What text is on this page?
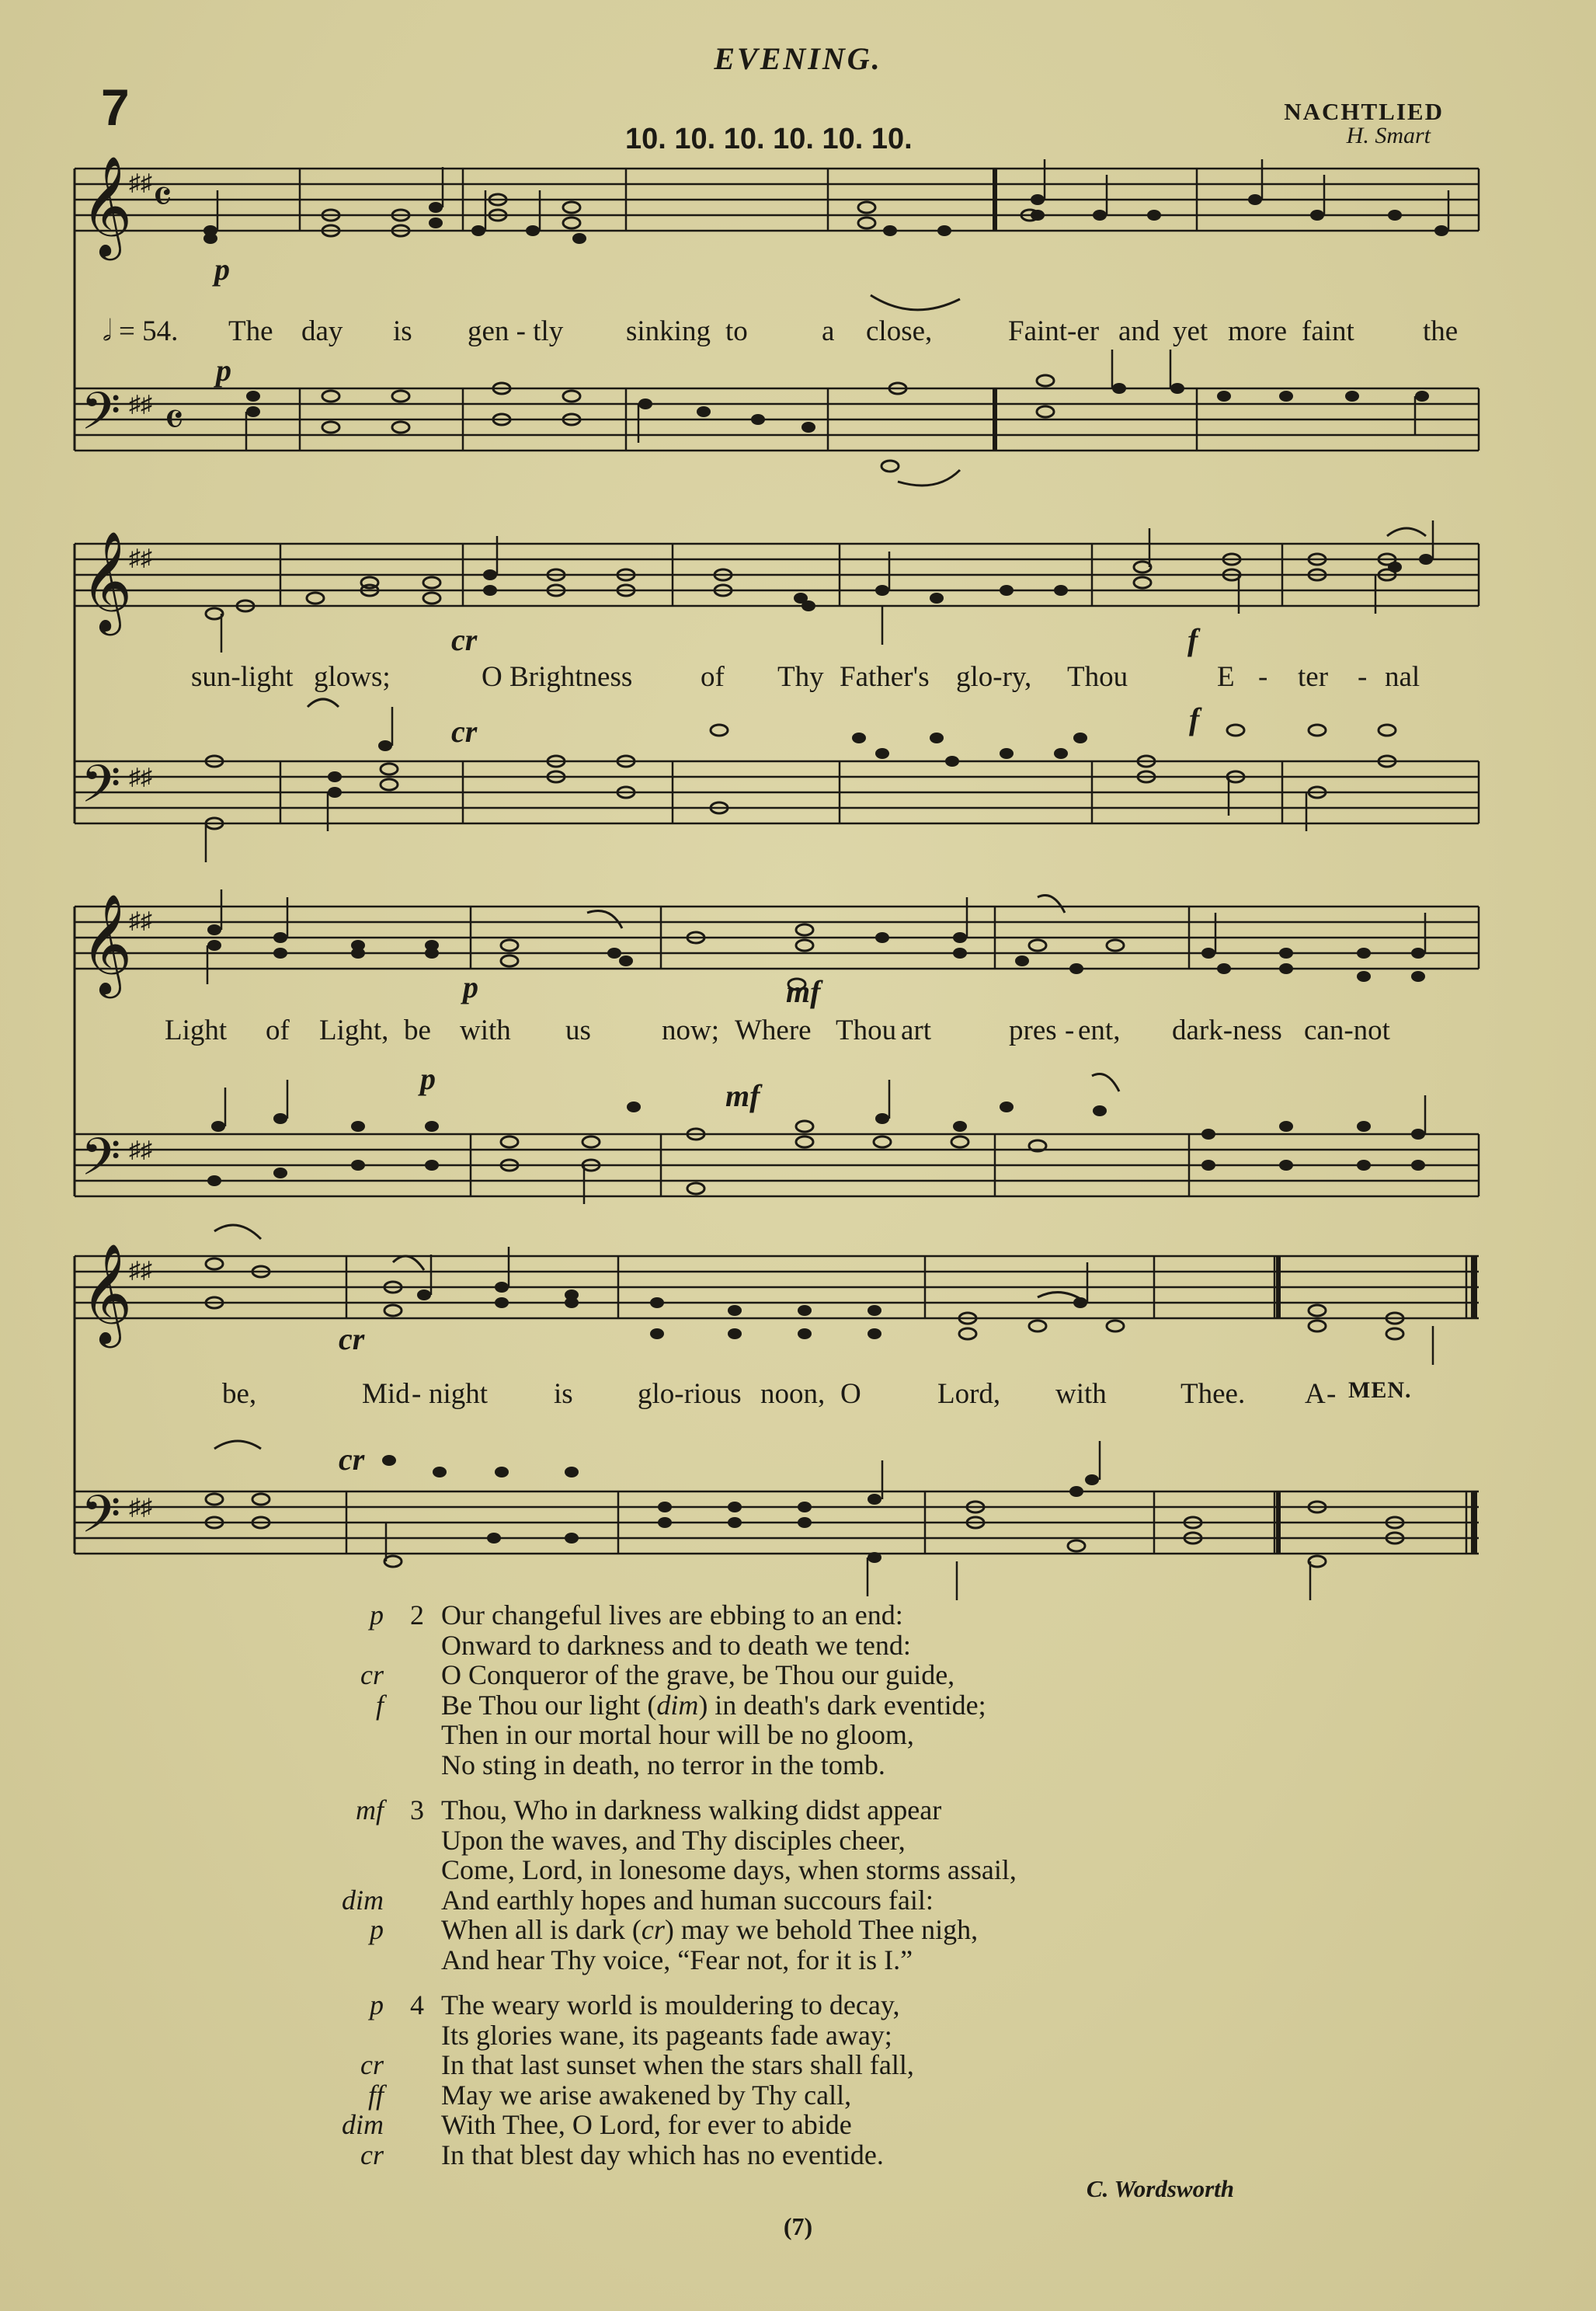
EVENING.
7
10. 10. 10. 10. 10. 10.
NACHTLIED
H. Smart
𝄞 𝄴
𝄢 𝄴
♯♯
♯♯
p
p
𝅗𝅥 = 54. The day is gen - tly sinking to	a close,	Faint-er and yet more faint the
𝄞
𝄢
♯♯
♯♯
cr
cr
f
f
sun-light glows;	O Brightness of Thy Father's glo-ry, Thou	E - ter - nal
𝄞
𝄢
♯♯
♯♯
p
p
mf
mf
Light of Light, be with us now; Where Thou art	pres - ent, dark-ness can-not
𝄞
𝄢
♯♯
♯♯
cr
cr
be,	Mid - night is glo-rious noon, O	Lord, with	Thee. A - MEN.
p 2 Our changeful lives are ebbing to an end:
Onward to darkness and to death we tend:
cr O Conqueror of the grave, be Thou our guide,
f Be Thou our light (dim) in death's dark eventide;
Then in our mortal hour will be no gloom,
No sting in death, no terror in the tomb.
mf 3 Thou, Who in darkness walking didst appear
Upon the waves, and Thy disciples cheer,
Come, Lord, in lonesome days, when storms assail,
dim And earthly hopes and human succours fail:
p When all is dark (cr) may we behold Thee nigh,
And hear Thy voice, “Fear not, for it is I.”
p 4 The weary world is mouldering to decay,
Its glories wane, its pageants fade away;
cr In that last sunset when the stars shall fall,
ff May we arise awakened by Thy call,
dim With Thee, O Lord, for ever to abide
cr In that blest day which has no eventide.
C. Wordsworth
(7)
